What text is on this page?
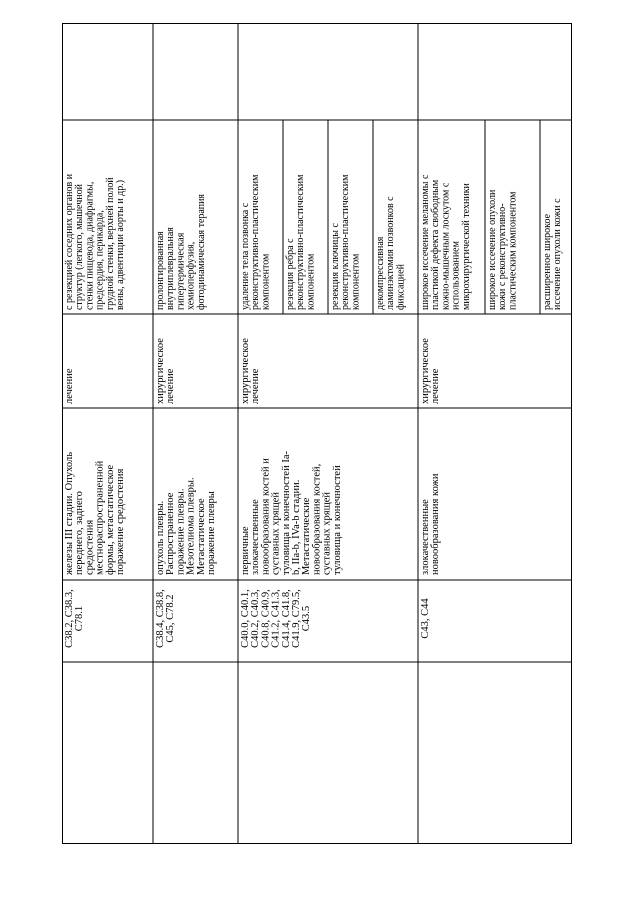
C38.2, C38.3, C78.1
железы III стадии. Опухоль переднего, заднего средостения местнораспространенной формы, метастатическое поражение средостения
лечение
с резекцией соседних органов и структур (легкого, мышечной стенки пищевода, диафрагмы, предсердия, перикарда, грудной стенки, верхней полой вены, адвентиции аорты и др.)
C38.4, C38.8, C45, C78.2
опухоль плевры. Распространенное поражение плевры. Мезотелиома плевры. Метастатическое поражение плевры
хирургическое лечение
пролонгированная внутриплевральная гипертермическая хемиоперфузия, фотодинамическая терапия
C40.0, C40.1, C40.2, C40.3, C40.8, C40.9, C41.2, C41.3, C41.4, C41.8, C41.9, C79.5, C43.5
первичные злокачественные новообразования костей и суставных хрящей туловища и конечностей Ia- b, IIa-b, IVa-b стадии. Метастатические новообразования костей, суставных хрящей туловища и конечностей
хирургическое лечение
удаление тела позвонка с реконструктивно-пластическим компонентом резекция ребра с реконструктивно-пластическим компонентом резекция ключицы с реконструктивно-пластическим компонентом декомпрессивная ламинэктомия позвонков с фиксацией
C43, C44
злокачественные новообразования кожи
хирургическое лечение
широкое иссечение меланомы с пластикой дефекта свободным кожно-мышечным лоскутом с использованием микрохирургической техники широкое иссечение опухоли кожи с реконструктивно- пластическим компонентом расширенное широкое иссечение опухоли кожи с
